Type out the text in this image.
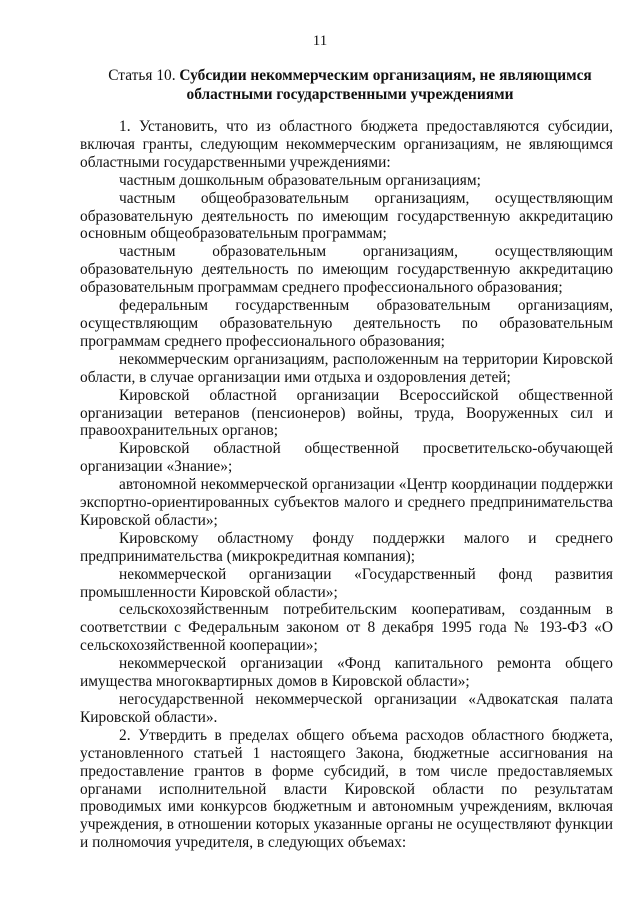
11
Статья 10. Субсидии некоммерческим организациям, не являющимся областными государственными учреждениями

1. Установить, что из областного бюджета предоставляются субсидии, включая гранты, следующим некоммерческим организациям, не являющимся областными государственными учреждениями:

частным дошкольным образовательным организациям;

частным общеобразовательным организациям, осуществляющим образовательную деятельность по имеющим государственную аккредитацию основным общеобразовательным программам;

частным образовательным организациям, осуществляющим образовательную деятельность по имеющим государственную аккредитацию образовательным программам среднего профессионального образования;

федеральным государственным образовательным организациям, осуществляющим образовательную деятельность по образовательным программам среднего профессионального образования;

некоммерческим организациям, расположенным на территории Кировской области, в случае организации ими отдыха и оздоровления детей;

Кировской областной организации Всероссийской общественной организации ветеранов (пенсионеров) войны, труда, Вооруженных сил и правоохранительных органов;

Кировской областной общественной просветительско-обучающей организации «Знание»;

автономной некоммерческой организации «Центр координации поддержки экспортно-ориентированных субъектов малого и среднего предпринимательства Кировской области»;

Кировскому областному фонду поддержки малого и среднего предпринимательства (микрокредитная компания);

некоммерческой организации «Государственный фонд развития промышленности Кировской области»;

сельскохозяйственным потребительским кооперативам, созданным в соответствии с Федеральным законом от 8 декабря 1995 года № 193-ФЗ «О сельскохозяйственной кооперации»;

некоммерческой организации «Фонд капитального ремонта общего имущества многоквартирных домов в Кировской области»;

негосударственной некоммерческой организации «Адвокатская палата Кировской области».

2. Утвердить в пределах общего объема расходов областного бюджета, установленного статьей 1 настоящего Закона, бюджетные ассигнования на предоставление грантов в форме субсидий, в том числе предоставляемых органами исполнительной власти Кировской области по результатам проводимых ими конкурсов бюджетным и автономным учреждениям, включая учреждения, в отношении которых указанные органы не осуществляют функции и полномочия учредителя, в следующих объемах:
